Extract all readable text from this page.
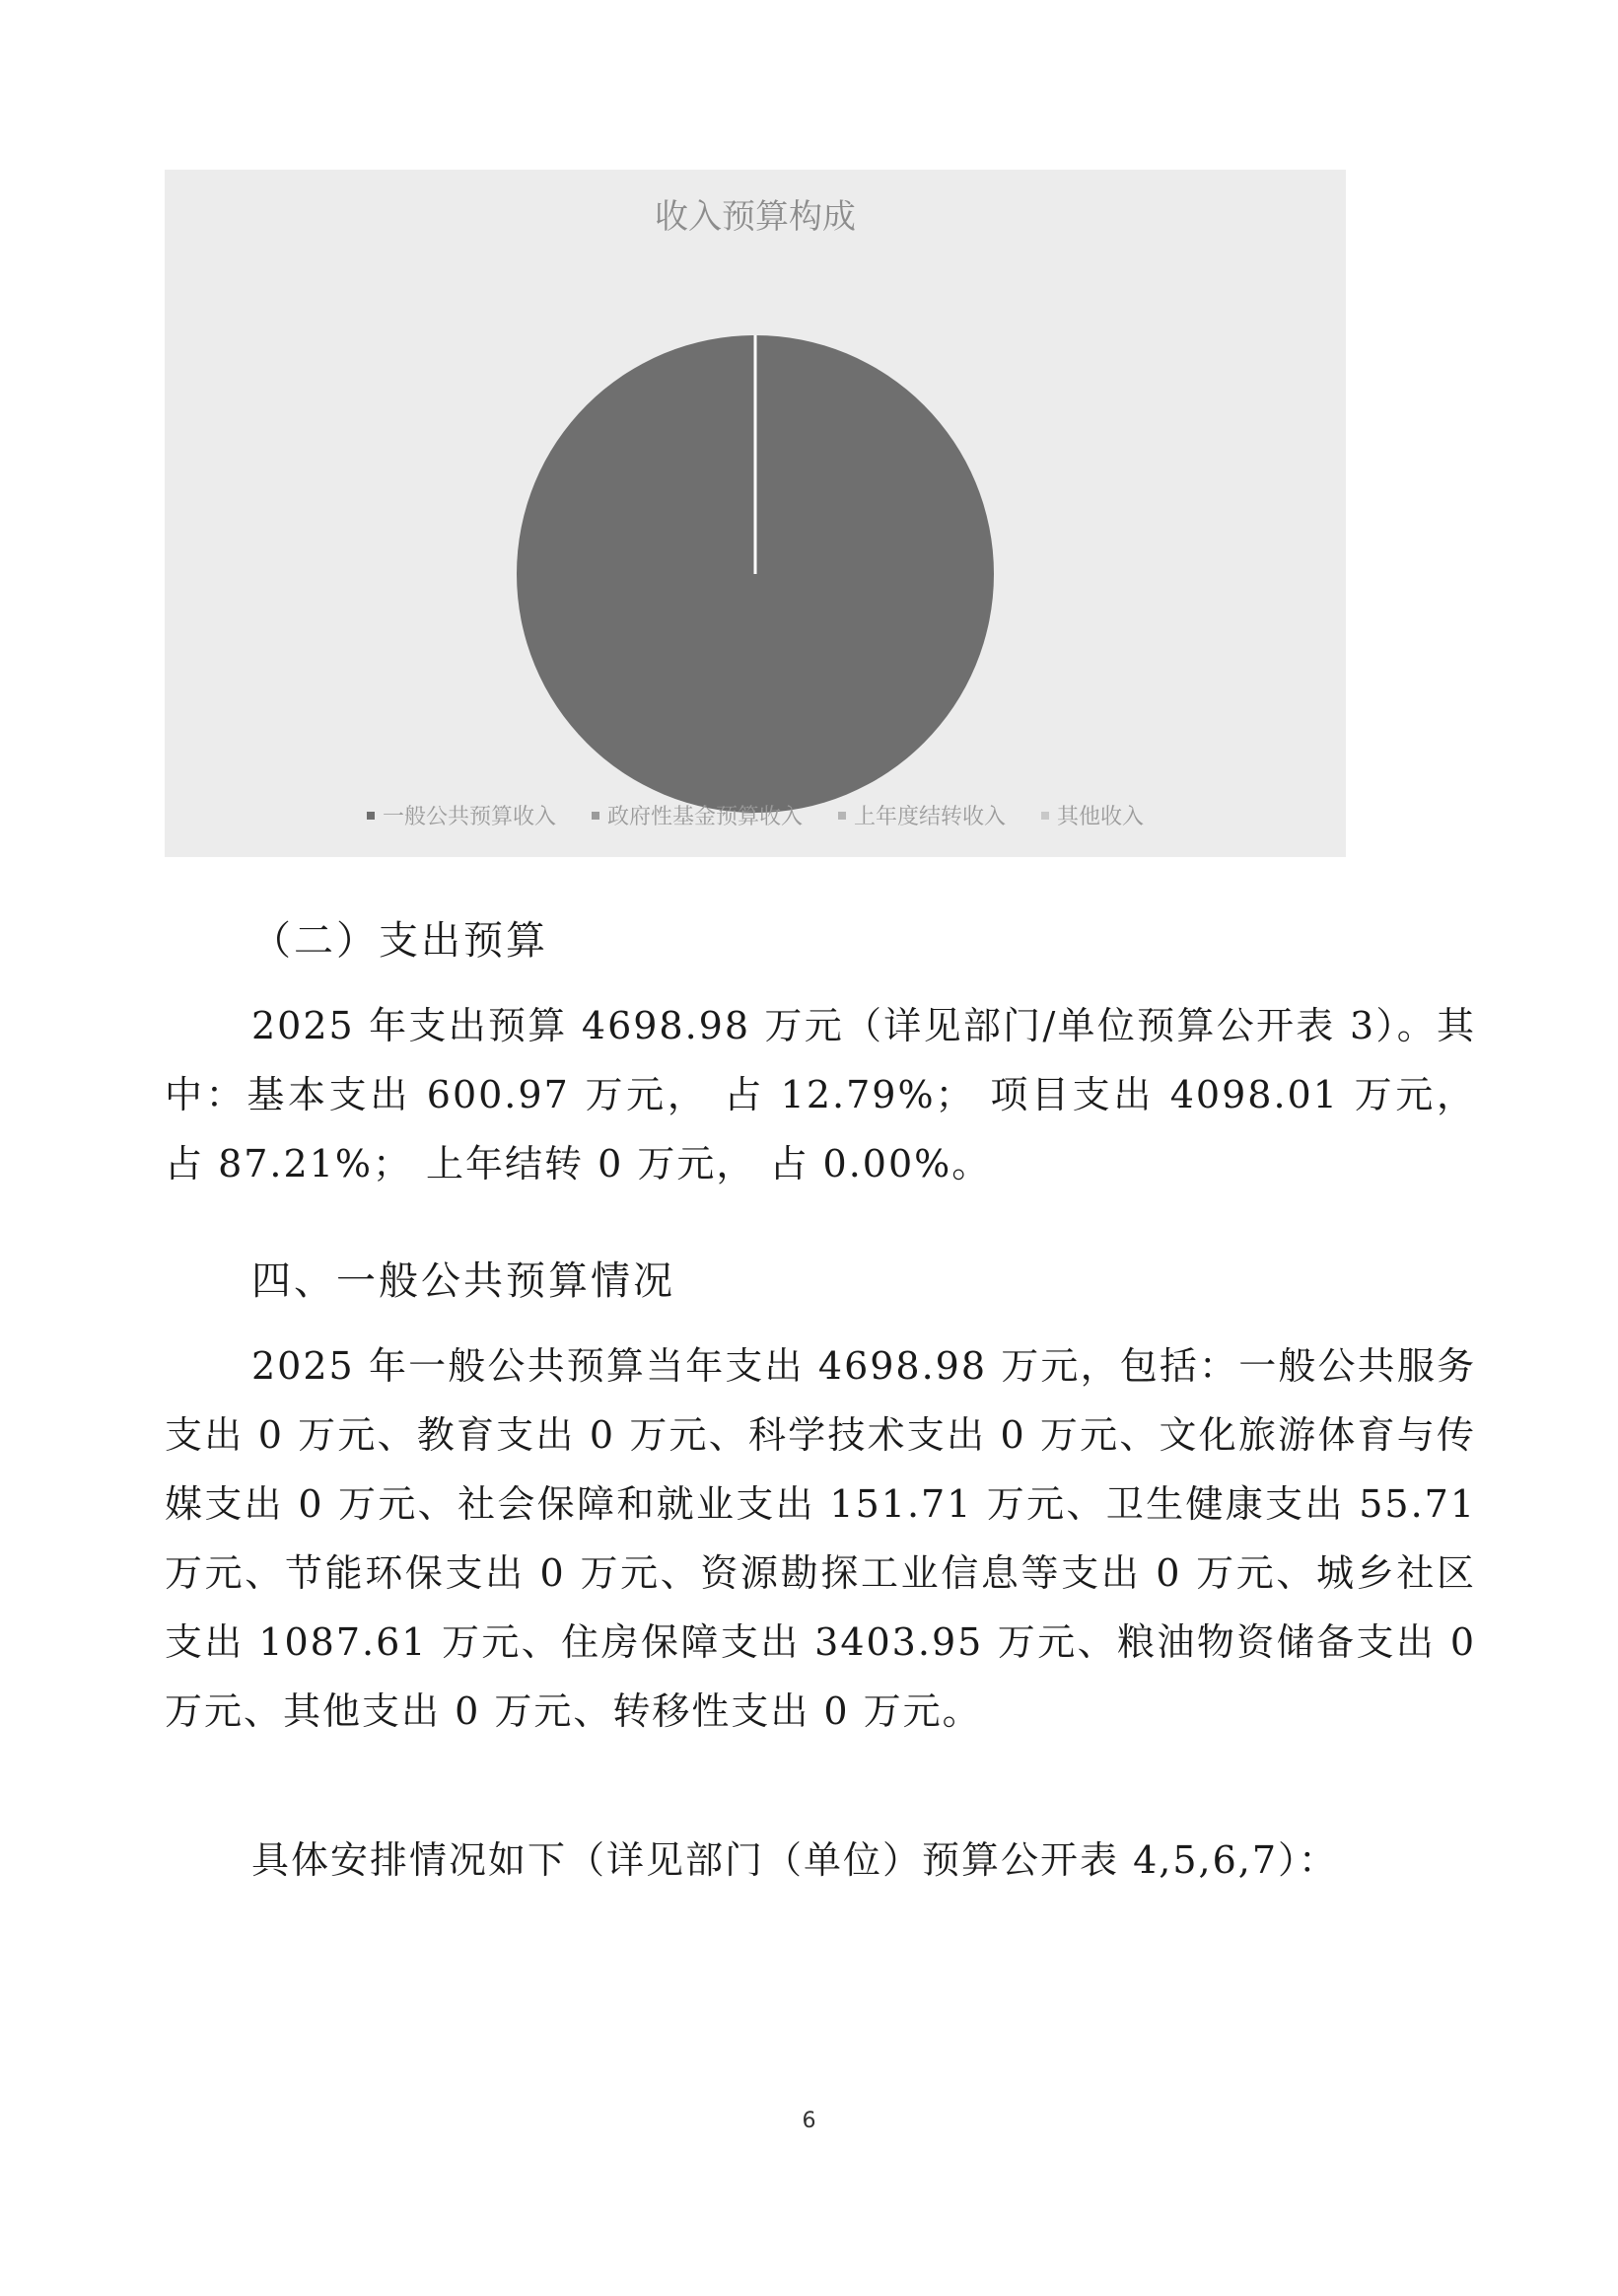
收入预算构成
一般公共预算收入 政府性基金预算收入 上年度结转收入 其他收入
（二）支出预算
2025 年支出预算 4698.98 万元（详见部门/单位预算公开表 3）。其中：基本支出 600.97 万元， 占 12.79%； 项目支出 4098.01 万元，占 87.21%； 上年结转 0 万元， 占 0.00%。
四、一般公共预算情况
2025 年一般公共预算当年支出 4698.98 万元，包括：一般公共服务支出 0 万元、教育支出 0 万元、科学技术支出 0 万元、文化旅游体育与传媒支出 0 万元、社会保障和就业支出 151.71 万元、卫生健康支出 55.71 万元、节能环保支出 0 万元、资源勘探工业信息等支出 0 万元、城乡社区支出 1087.61 万元、住房保障支出 3403.95 万元、粮油物资储备支出 0 万元、其他支出 0 万元、转移性支出 0 万元。
具体安排情况如下（详见部门（单位）预算公开表 4,5,6,7）：
6
